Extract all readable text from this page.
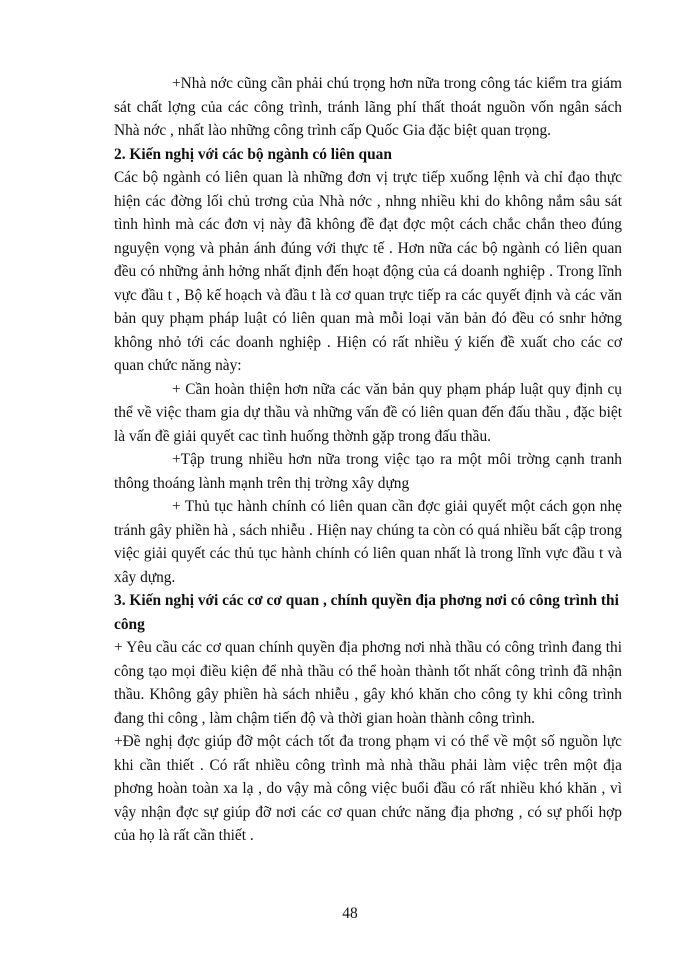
+Nhà nớc cũng cần phải chú trọng hơn nữa trong công tác kiểm tra giám sát chất lợng của các công trình, tránh lãng phí thất thoát nguồn vốn ngân sách Nhà nớc , nhất lào những công trình cấp Quốc Gia đặc biệt quan trọng.

2. Kiến nghị với các bộ ngành có liên quan

Các bộ ngành có liên quan là những đơn vị trực tiếp xuống lệnh và chỉ đạo thực hiện các đờng lối chủ trơng của Nhà nớc , nhng nhiều khi do không nắm sâu sát tình hình mà các đơn vị này đã không đề đạt đợc một cách chắc chắn theo đúng nguyện vọng và phản ánh đúng với thực tế . Hơn nữa các bộ ngành có liên quan đều có những ảnh hởng nhất định đến hoạt động của cá doanh nghiệp . Trong lĩnh vực đầu t , Bộ kế hoạch và đầu t là cơ quan trực tiếp ra các quyết định và các văn bản quy phạm pháp luật có liên quan mà mỗi loại văn bản đó đều có snhr hởng không nhỏ tới các doanh nghiệp . Hiện có rất nhiều ý kiến đề xuất cho các cơ quan chức năng này:

+ Cần hoàn thiện hơn nữa các văn bản quy phạm pháp luật quy định cụ thể về việc tham gia dự thầu và những vấn đề có liên quan đến đấu thầu , đặc biệt là vấn đề giải quyết cac tình huống thờnh gặp trong đấu thầu.

+Tập trung nhiều hơn nữa trong việc tạo ra một môi trờng cạnh tranh thông thoáng lành mạnh trên thị trờng xây dựng

+ Thủ tục hành chính có liên quan cần đợc giải quyết một cách gọn nhẹ tránh gây phiền hà , sách nhiễu . Hiện nay chúng ta còn có quá nhiều bất cập trong việc giải quyết các thủ tục hành chính có liên quan nhất là trong lĩnh vực đầu t và xây dựng.

3. Kiến nghị với các cơ cơ quan , chính quyền địa phơng nơi có công trình thi công

+ Yêu cầu các cơ quan chính quyền địa phơng nơi nhà thầu có công trình đang thi công tạo mọi điều kiện để nhà thầu có thể hoàn thành tốt nhất công trình đã nhận thầu. Không gây phiền hà sách nhiễu , gây khó khăn cho công ty khi công trình đang thi công , làm chậm tiến độ và thời gian hoàn thành công trình.

+Đề nghị đợc giúp đỡ một cách tốt đa trong phạm vi có thể về một số nguồn lực khi cần thiết . Có rất nhiều công trình mà nhà thầu phải làm việc trên một địa phơng hoàn toàn xa lạ , do vậy mà công việc buổi đầu có rất nhiều khó khăn , vì vậy nhận đợc sự giúp đỡ nơi các cơ quan chức năng địa phơng , có sự phối hợp của họ là rất cần thiết .

48
